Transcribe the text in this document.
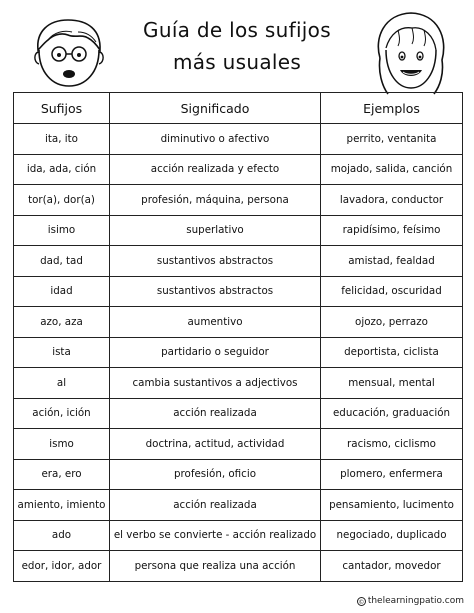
Guía de los sufijos
más usuales
Sufijos	Significado	Ejemplos
ita, ito	diminutivo o afectivo	perrito, ventanita
ida, ada, ción	acción realizada y efecto	mojado, salida, canción
tor(a), dor(a)	profesión, máquina, persona	lavadora, conductor
isimo	superlativo	rapidísimo, feísimo
dad, tad	sustantivos abstractos	amistad, fealdad
idad	sustantivos abstractos	felicidad, oscuridad
azo, aza	aumentivo	ojozo, perrazo
ista	partidario o seguidor	deportista, ciclista
al	cambia sustantivos a adjectivos	mensual, mental
ación, ición	acción realizada	educación, graduación
ismo	doctrina, actitud, actividad	racismo, ciclismo
era, ero	profesión, oficio	plomero, enfermera
amiento, imiento	acción realizada	pensamiento, lucimento
ado	el verbo se convierte - acción realizado	negociado, duplicado
edor, idor, ador	persona que realiza una acción	cantador, movedor
© thelearningpatio.com
